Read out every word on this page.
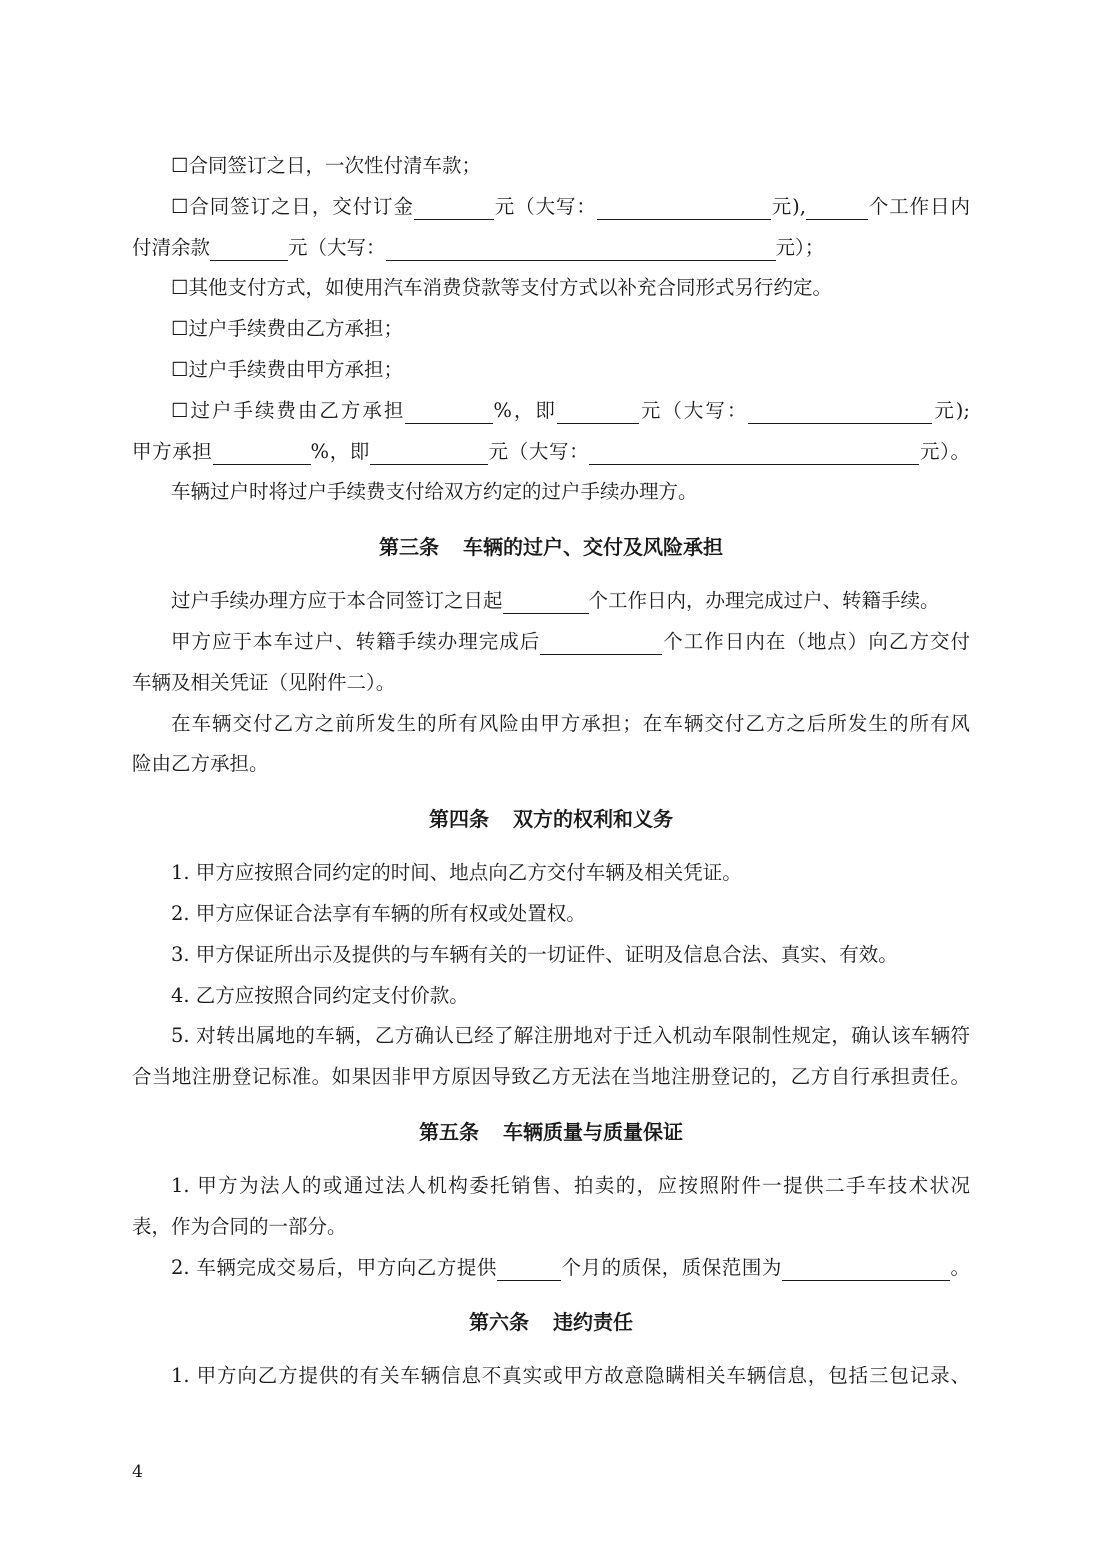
☐合同签订之日，一次性付清车款；
☐合同签订之日，交付订金	元（大写：	元),	个工作日内
付清余款	元（大写：	元）；
☐其他支付方式，如使用汽车消费贷款等支付方式以补充合同形式另行约定。
☐过户手续费由乙方承担；
☐过户手续费由甲方承担；
☐过户手续费由乙方承担	%，即	元（大写：	元);
甲方承担	%，即	元（大写：	元）。
车辆过户时将过户手续费支付给双方约定的过户手续办理方。
第三条 车辆的过户、交付及风险承担
过户手续办理方应于本合同签订之日起	个工作日内，办理完成过户、转籍手续。
甲方应于本车过户、转籍手续办理完成后	个工作日内在（地点）向乙方交付
车辆及相关凭证（见附件二）。
在车辆交付乙方之前所发生的所有风险由甲方承担；在车辆交付乙方之后所发生的所有风
险由乙方承担。
第四条 双方的权利和义务
1. 甲方应按照合同约定的时间、地点向乙方交付车辆及相关凭证。
2. 甲方应保证合法享有车辆的所有权或处置权。
3. 甲方保证所出示及提供的与车辆有关的一切证件、证明及信息合法、真实、有效。
4. 乙方应按照合同约定支付价款。
5. 对转出属地的车辆，乙方确认已经了解注册地对于迁入机动车限制性规定，确认该车辆符
合当地注册登记标准。如果因非甲方原因导致乙方无法在当地注册登记的，乙方自行承担责任。
第五条 车辆质量与质量保证
1. 甲方为法人的或通过法人机构委托销售、拍卖的，应按照附件一提供二手车技术状况
表，作为合同的一部分。
2. 车辆完成交易后，甲方向乙方提供	个月的质保，质保范围为	。
第六条 违约责任
1. 甲方向乙方提供的有关车辆信息不真实或甲方故意隐瞒相关车辆信息，包括三包记录、
4
